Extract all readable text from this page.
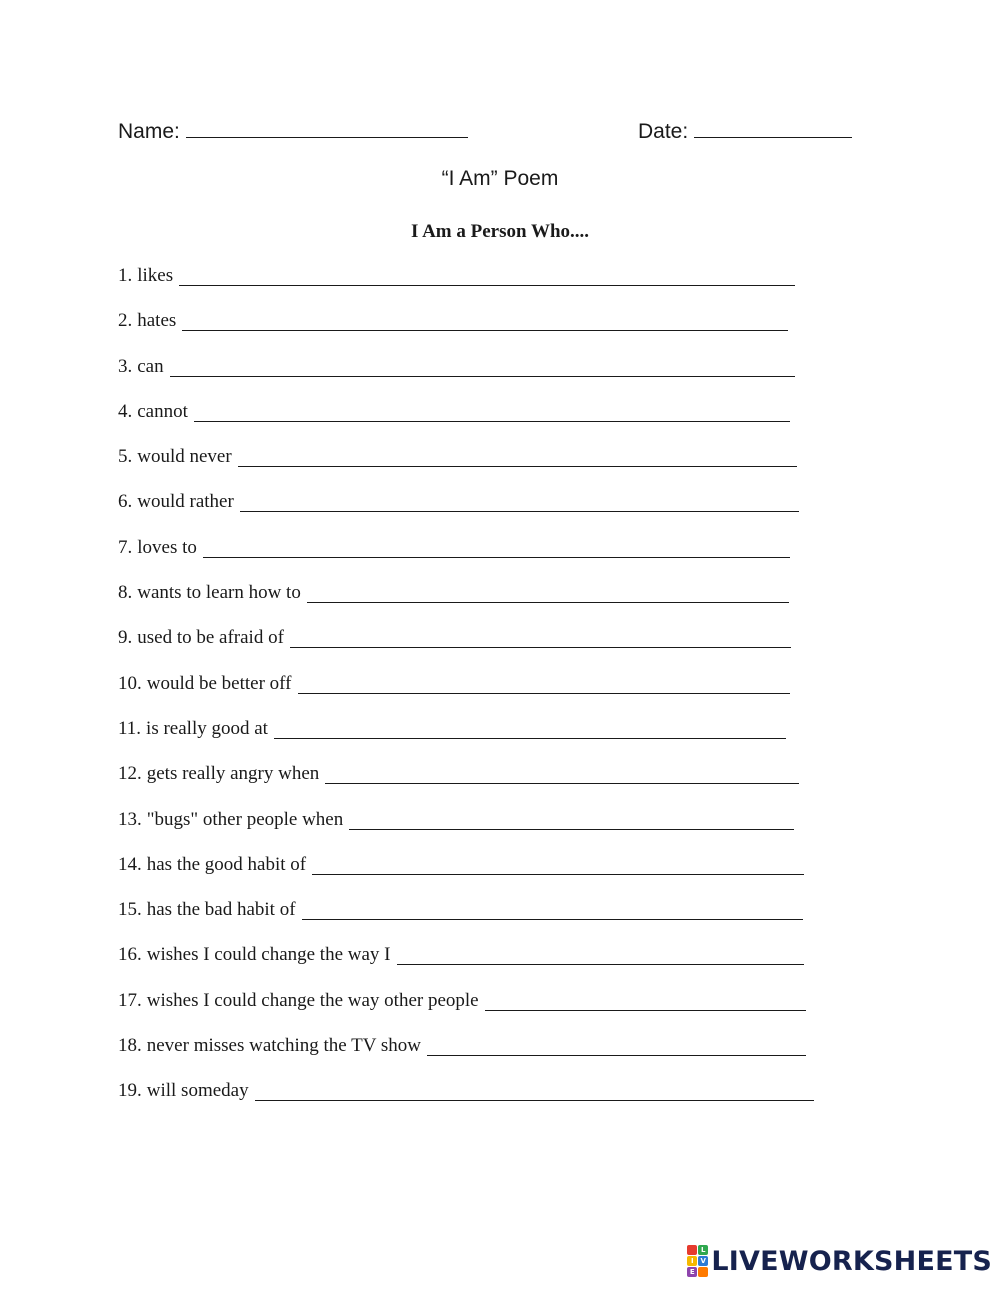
Name:	Date:
“I Am” Poem
I Am a Person Who....
1. likes
2. hates
3. can
4. cannot
5. would never
6. would rather
7. loves to
8. wants to learn how to
9. used to be afraid of
10. would be better off
11. is really good at
12. gets really angry when
13. "bugs" other people when
14. has the good habit of
15. has the bad habit of
16. wishes I could change the way I
17. wishes I could change the way other people
18. never misses watching the TV show
19. will someday
L
I V
E LIVEWORKSHEETS
